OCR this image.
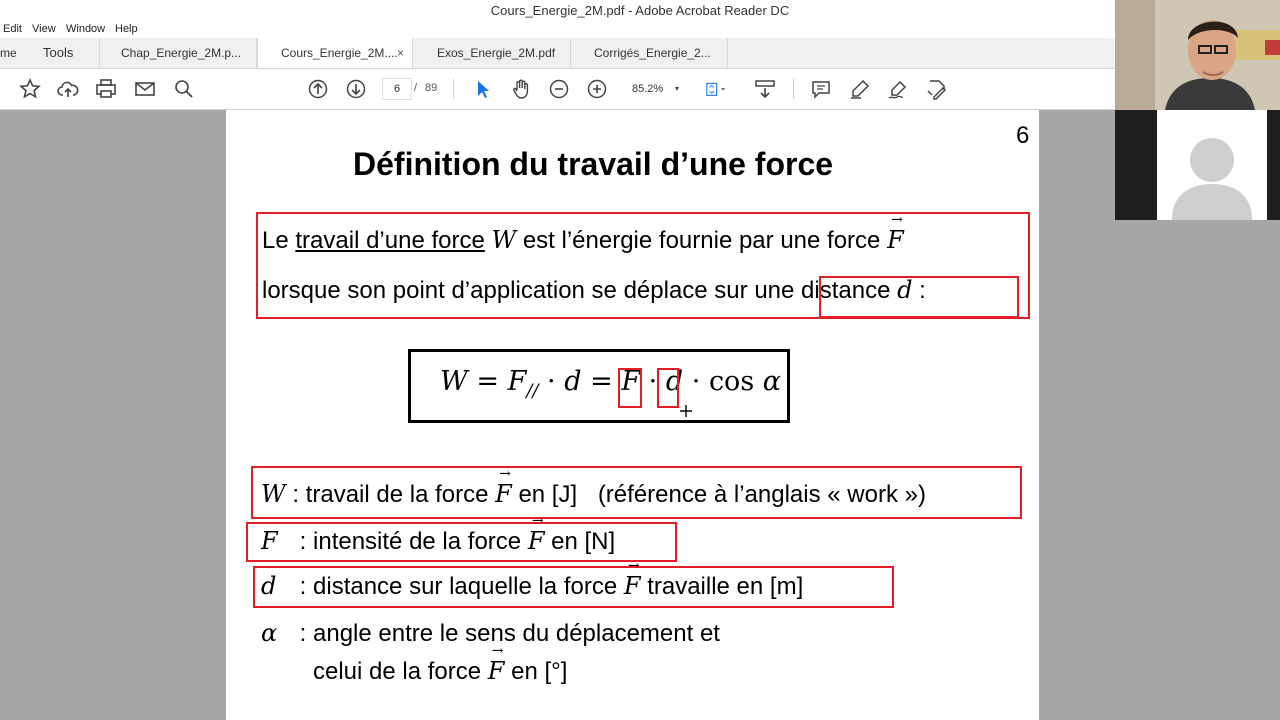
Cours_Energie_2M.pdf - Adobe Acrobat Reader DC
Edit View Window Help
me	Tools	Chap_Energie_2M.p...	Cours_Energie_2M.... ×	Exos_Energie_2M.pdf	Corrigés_Energie_2...
6	/ 89	85.2% ▾
6
Définition du travail d’une force
Le travail d’une force W est l’énergie fournie par une force
→
F
lorsque son point d’application se déplace sur une distance d :
$W = F_{//} \cdot d = F \cdot d \cdot \cos \alpha$
W : travail de la force
→
F en [J] (référence à l’anglais « work »)
F : intensité de la force
→
F en [N]
d : distance sur laquelle la force
→
F travaille en [m]
α : angle entre le sens du déplacement et
celui de la force
→
F en [°]
